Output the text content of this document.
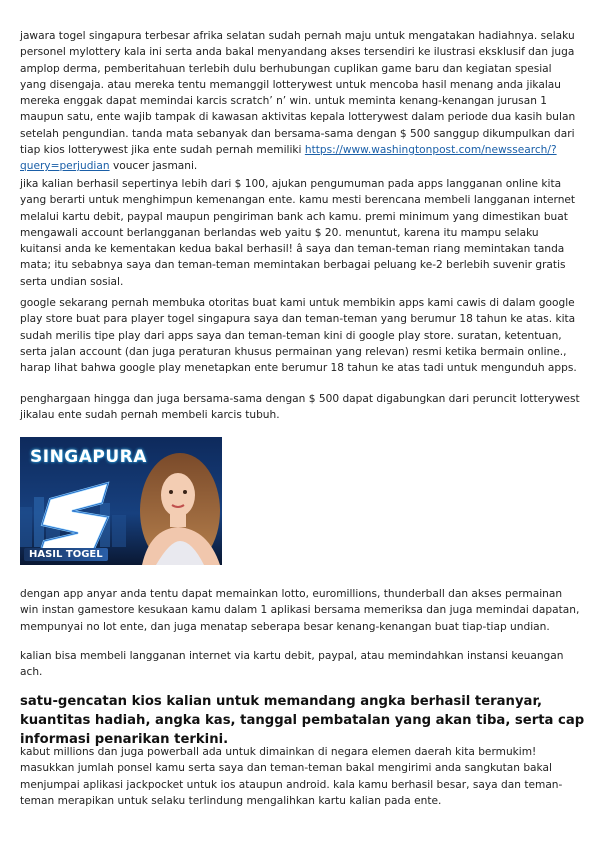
jawara togel singapura terbesar afrika selatan sudah pernah maju untuk mengatakan hadiahnya. selaku personel mylottery kala ini serta anda bakal menyandang akses tersendiri ke ilustrasi eksklusif dan juga amplop derma, pemberitahuan terlebih dulu berhubungan cuplikan game baru dan kegiatan spesial yang disengaja. atau mereka tentu memanggil lotterywest untuk mencoba hasil menang anda jikalau mereka enggak dapat memindai karcis scratch’ n’ win. untuk meminta kenang-kenangan jurusan 1 maupun satu, ente wajib tampak di kawasan aktivitas kepala lotterywest dalam periode dua kasih bulan setelah pengundian. tanda mata sebanyak dan bersama-sama dengan $ 500 sanggup dikumpulkan dari tiap kios lotterywest jika ente sudah pernah memiliki https://www.washingtonpost.com/newssearch/?query=perjudian voucer jasmani.

jika kalian berhasil sepertinya lebih dari $ 100, ajukan pengumuman pada apps langganan online kita yang berarti untuk menghimpun kemenangan ente. kamu mesti berencana membeli langganan internet melalui kartu debit, paypal maupun pengiriman bank ach kamu. premi minimum yang dimestikan buat mengawali account berlangganan berlandas web yaitu $ 20. menuntut, karena itu mampu selaku kuitansi anda ke kementakan kedua bakal berhasil! â saya dan teman-teman riang memintakan tanda mata; itu sebabnya saya dan teman-teman memintakan berbagai peluang ke-2 berlebih suvenir gratis serta undian sosial.

google sekarang pernah membuka otoritas buat kami untuk membikin apps kami cawis di dalam google play store buat para player togel singapura saya dan teman-teman yang berumur 18 tahun ke atas. kita sudah merilis tipe play dari apps saya dan teman-teman kini di google play store. suratan, ketentuan, serta jalan account (dan juga peraturan khusus permainan yang relevan) resmi ketika bermain online., harap lihat bahwa google play menetapkan ente berumur 18 tahun ke atas tadi untuk mengunduh apps.

penghargaan hingga dan juga bersama-sama dengan $ 500 dapat digabungkan dari peruncit lotterywest jikalau ente sudah pernah membeli karcis tubuh.

SINGAPURA
HASIL TOGEL

dengan app anyar anda tentu dapat memainkan lotto, euromillions, thunderball dan akses permainan win instan gamestore kesukaan kamu dalam 1 aplikasi bersama memeriksa dan juga memindai dapatan, mempunyai no lot ente, dan juga menatap seberapa besar kenang-kenangan buat tiap-tiap undian.

kalian bisa membeli langganan internet via kartu debit, paypal, atau memindahkan instansi keuangan ach.

satu-gencatan kios kalian untuk memandang angka berhasil teranyar, kuantitas hadiah, angka kas, tanggal pembatalan yang akan tiba, serta cap informasi penarikan terkini.

kabut millions dan juga powerball ada untuk dimainkan di negara elemen daerah kita bermukim! masukkan jumlah ponsel kamu serta saya dan teman-teman bakal mengirimi anda sangkutan bakal menjumpai aplikasi jackpocket untuk ios ataupun android. kala kamu berhasil besar, saya dan teman-teman merapikan untuk selaku terlindung mengalihkan kartu kalian pada ente.
